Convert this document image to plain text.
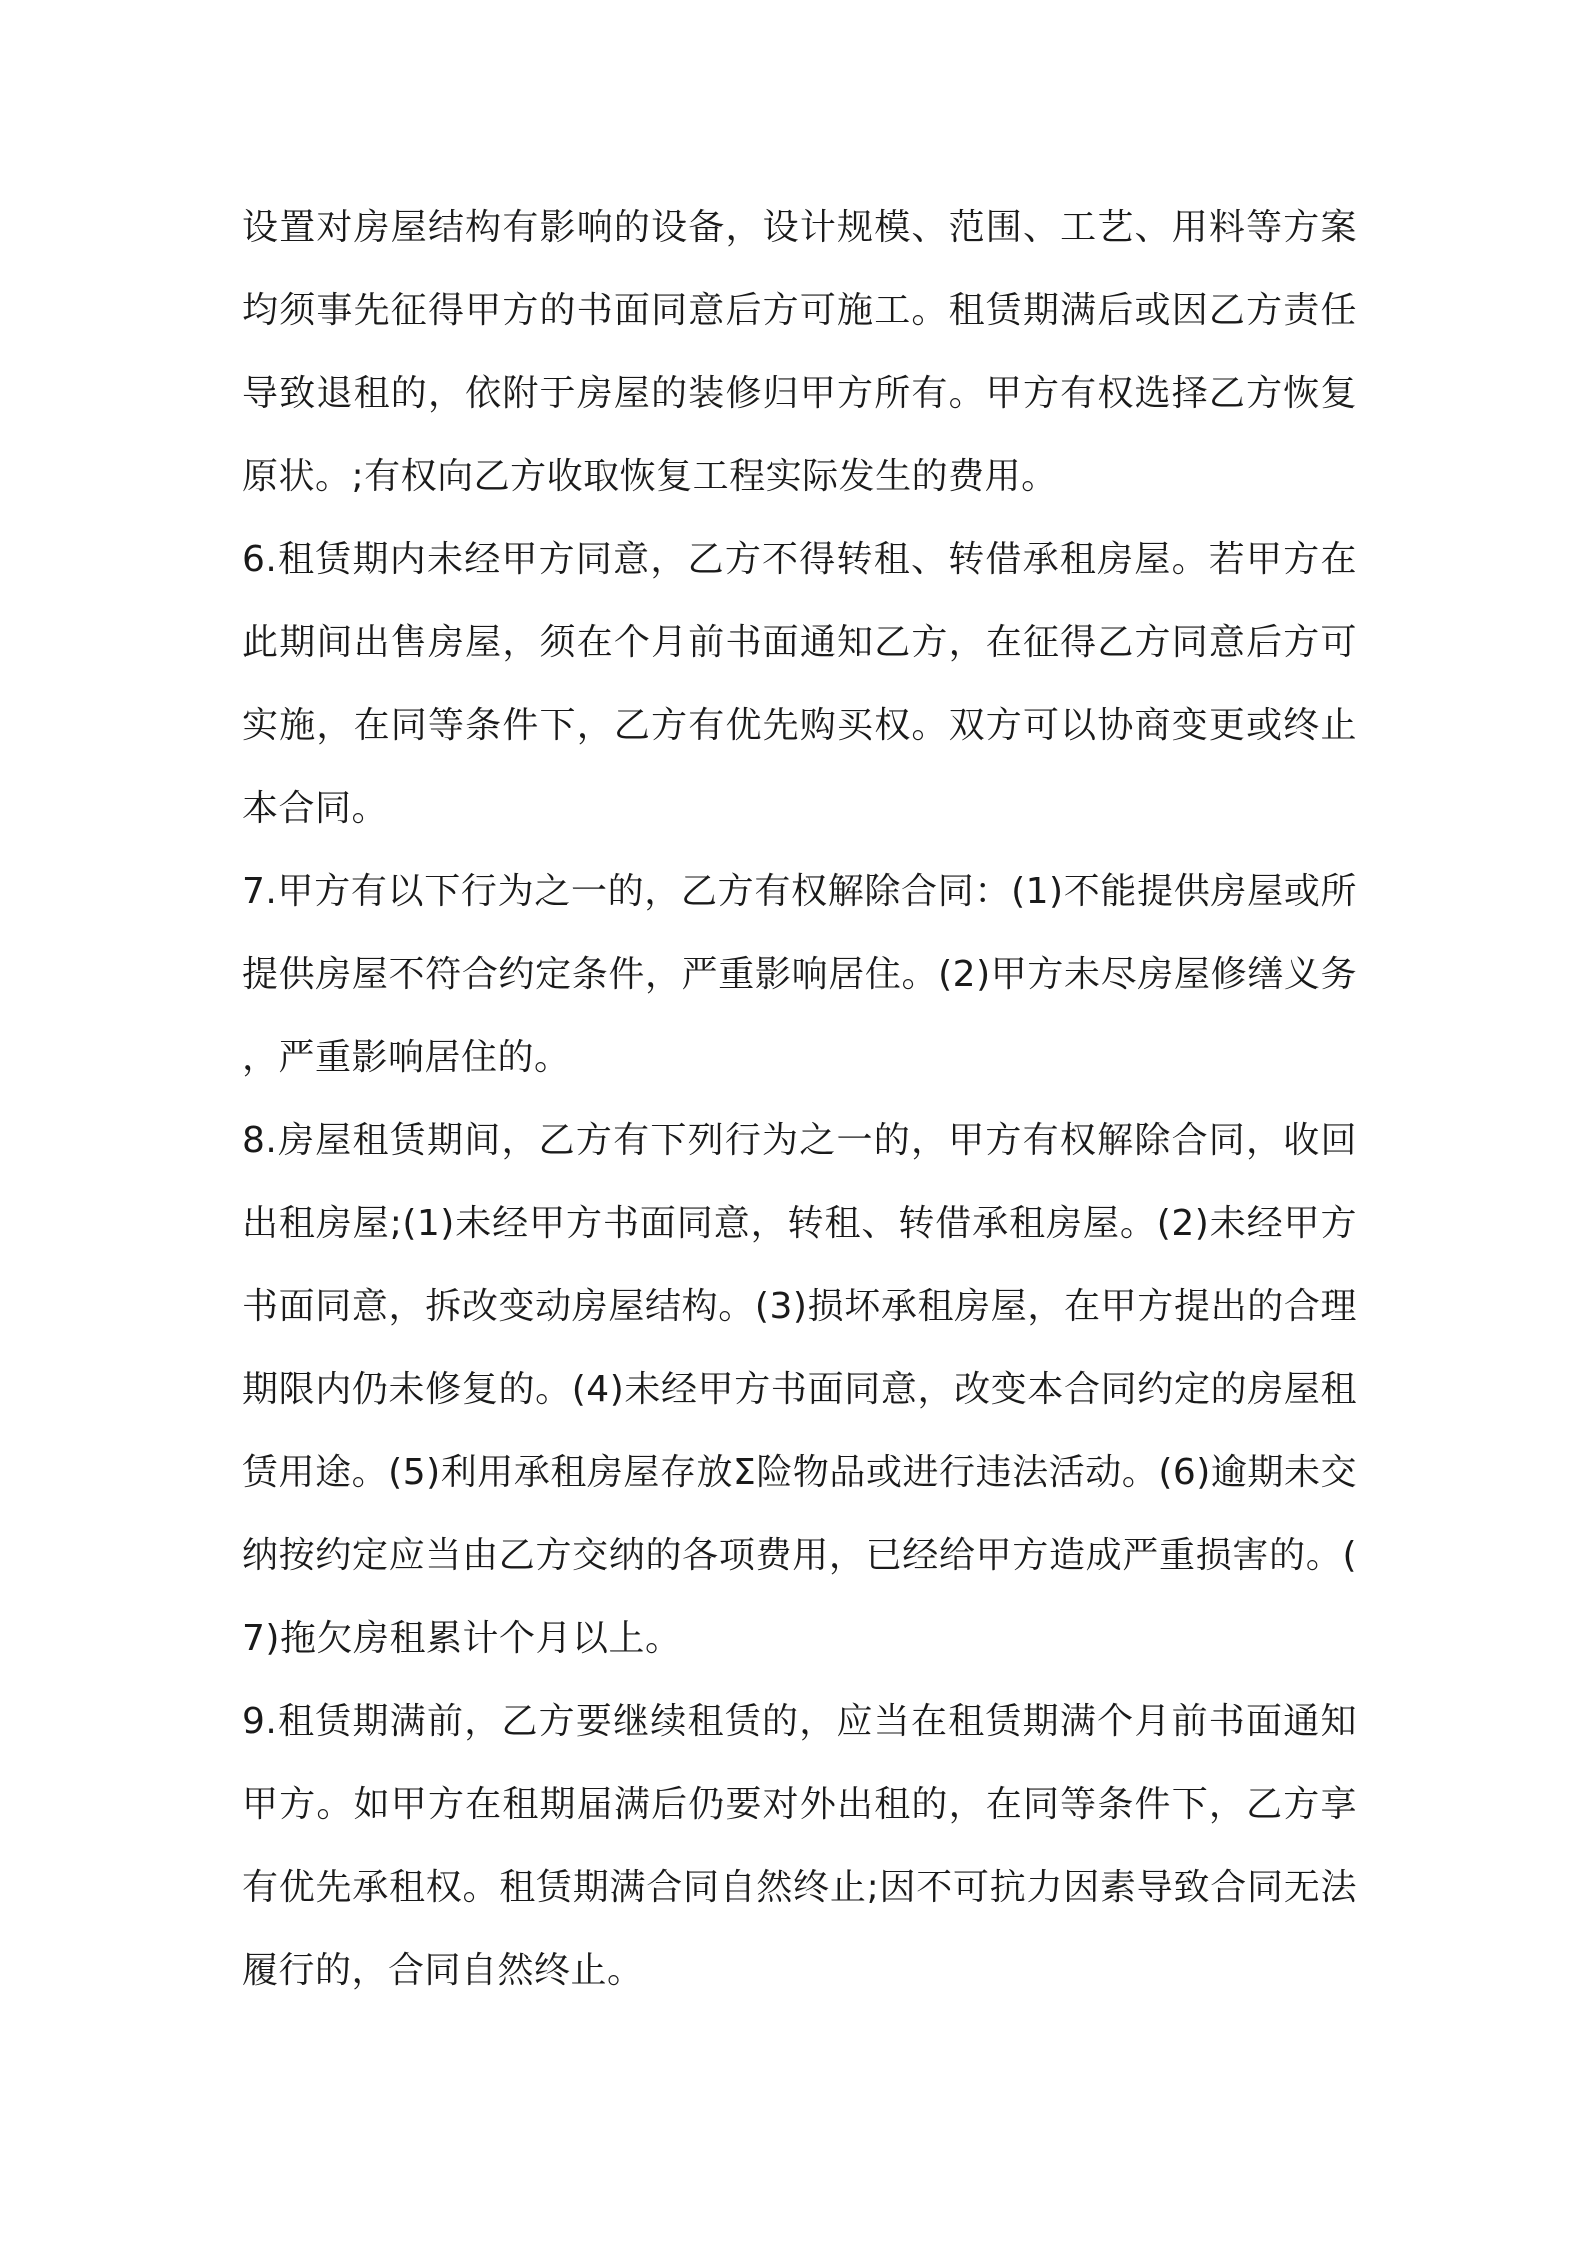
设置对房屋结构有影响的设备，设计规模、范围、工艺、用料等方案均须事先征得甲方的书面同意后方可施工。租赁期满后或因乙方责任导致退租的，依附于房屋的装修归甲方所有。甲方有权选择乙方恢复原状。;有权向乙方收取恢复工程实际发生的费用。

6.租赁期内未经甲方同意，乙方不得转租、转借承租房屋。若甲方在此期间出售房屋，须在个月前书面通知乙方，在征得乙方同意后方可实施，在同等条件下，乙方有优先购买权。双方可以协商变更或终止本合同。

7.甲方有以下行为之一的，乙方有权解除合同：(1)不能提供房屋或所提供房屋不符合约定条件，严重影响居住。(2)甲方未尽房屋修缮义务，严重影响居住的。

8.房屋租赁期间，乙方有下列行为之一的，甲方有权解除合同，收回出租房屋;(1)未经甲方书面同意，转租、转借承租房屋。(2)未经甲方书面同意，拆改变动房屋结构。(3)损坏承租房屋，在甲方提出的合理期限内仍未修复的。(4)未经甲方书面同意，改变本合同约定的房屋租赁用途。(5)利用承租房屋存放Σ险物品或进行违法活动。(6)逾期未交纳按约定应当由乙方交纳的各项费用，已经给甲方造成严重损害的。(7)拖欠房租累计个月以上。

9.租赁期满前，乙方要继续租赁的，应当在租赁期满个月前书面通知甲方。如甲方在租期届满后仍要对外出租的，在同等条件下，乙方享有优先承租权。租赁期满合同自然终止;因不可抗力因素导致合同无法履行的，合同自然终止。
